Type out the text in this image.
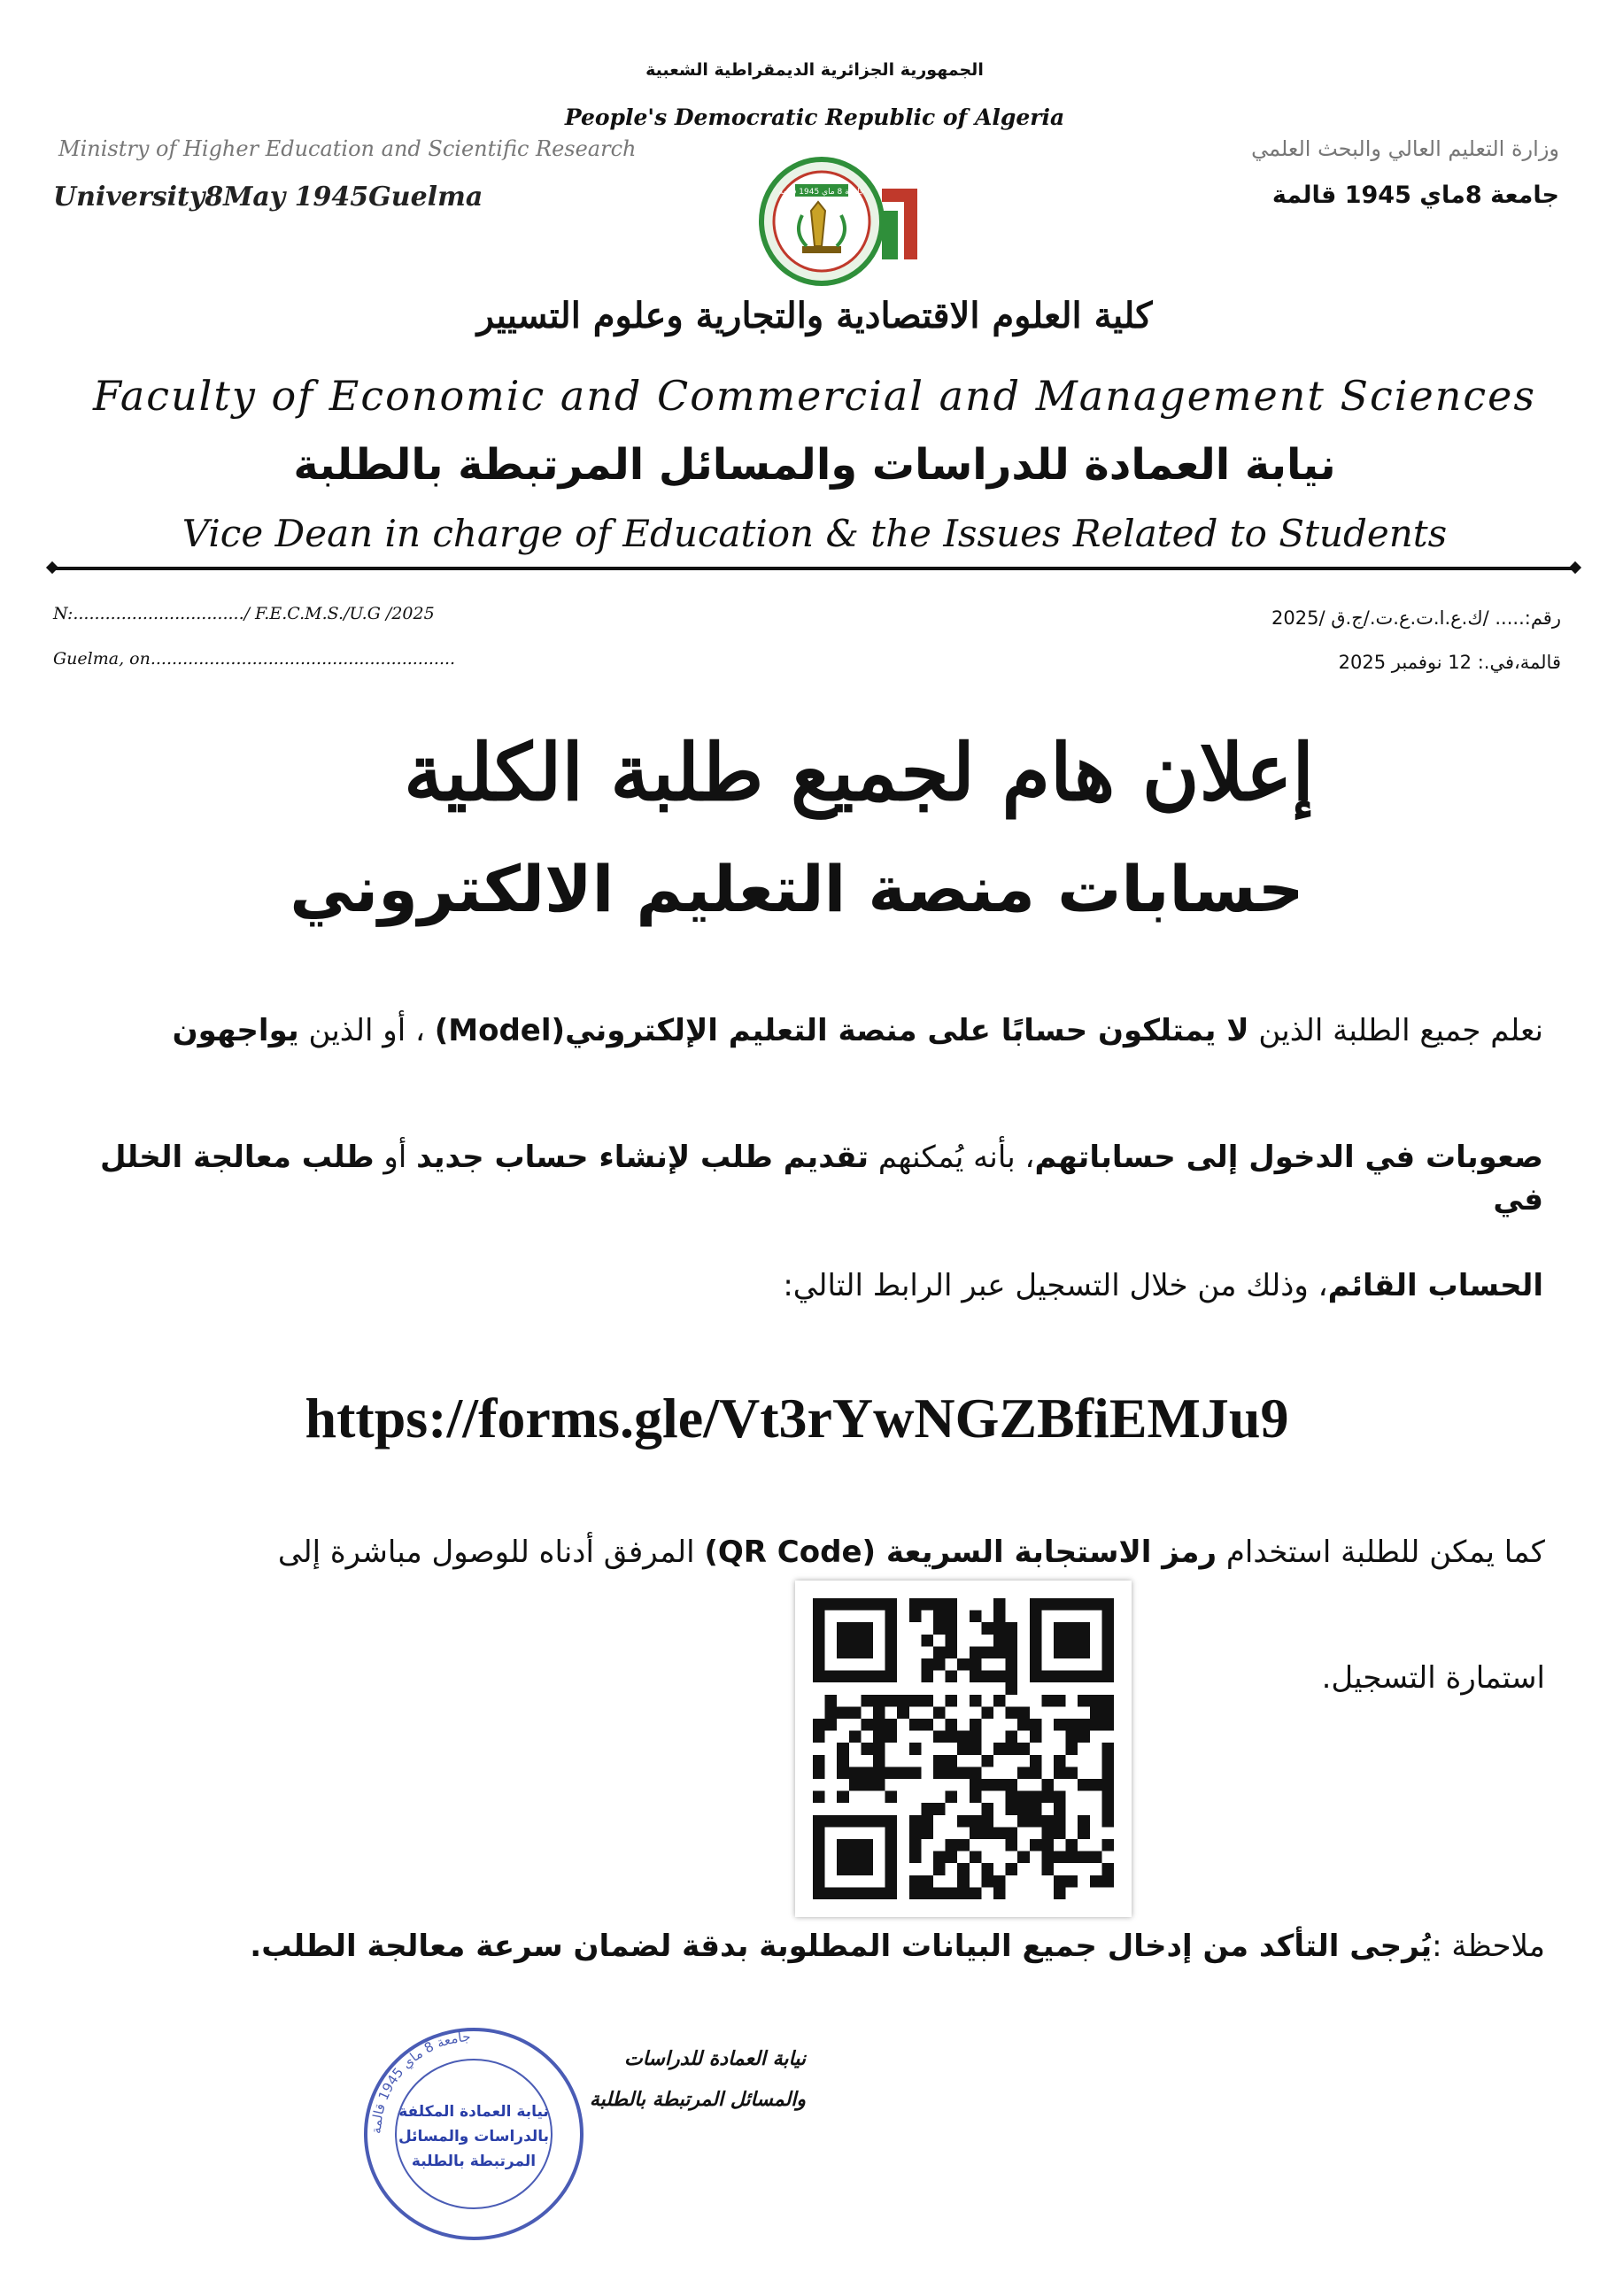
الجمهورية الجزائرية الديمقراطية الشعبية
People's Democratic Republic of Algeria
Ministry of Higher Education and Scientific Research
University8May 1945Guelma
وزارة التعليم العالي والبحث العلمي
جامعة 8ماي 1945 قالمة
جامعة 8 ماي 1945 قالمة
كلية العلوم الاقتصادية والتجارية وعلوم التسيير
Faculty of Economic and Commercial and Management Sciences
نيابة العمادة للدراسات والمسائل المرتبطة بالطلبة
Vice Dean in charge of Education & the Issues Related to Students
N:................................/ F.E.C.M.S./U.G /2025
Guelma, on.........................................................
رقم:..... /ك.ع.ا.ت.ع.ت./ج.ق /2025
قالمة،في.: 12 نوفمبر 2025
إعلان هام لجميع طلبة الكلية
حسابات منصة التعليم الالكتروني
نعلم جميع الطلبة الذين لا يمتلكون حسابًا على منصة التعليم الإلكتروني(Model) ، أو الذين يواجهون
صعوبات في الدخول إلى حساباتهم، بأنه يُمكنهم تقديم طلب لإنشاء حساب جديد أو طلب معالجة الخلل في
الحساب القائم، وذلك من خلال التسجيل عبر الرابط التالي:
https://forms.gle/Vt3rYwNGZBfiEMJu9
كما يمكن للطلبة استخدام رمز الاستجابة السريعة (QR Code) المرفق أدناه للوصول مباشرة إلى
استمارة التسجيل.
ملاحظة :يُرجى التأكد من إدخال جميع البيانات المطلوبة بدقة لضمان سرعة معالجة الطلب.
نيابة العمادة للدراسات
والمسائل المرتبطة بالطلبة
جامعة 8 ماي 1945 قالمة
نيابة العمادة المكلفة
بالدراسات والمسائل
المرتبطة بالطلبة
